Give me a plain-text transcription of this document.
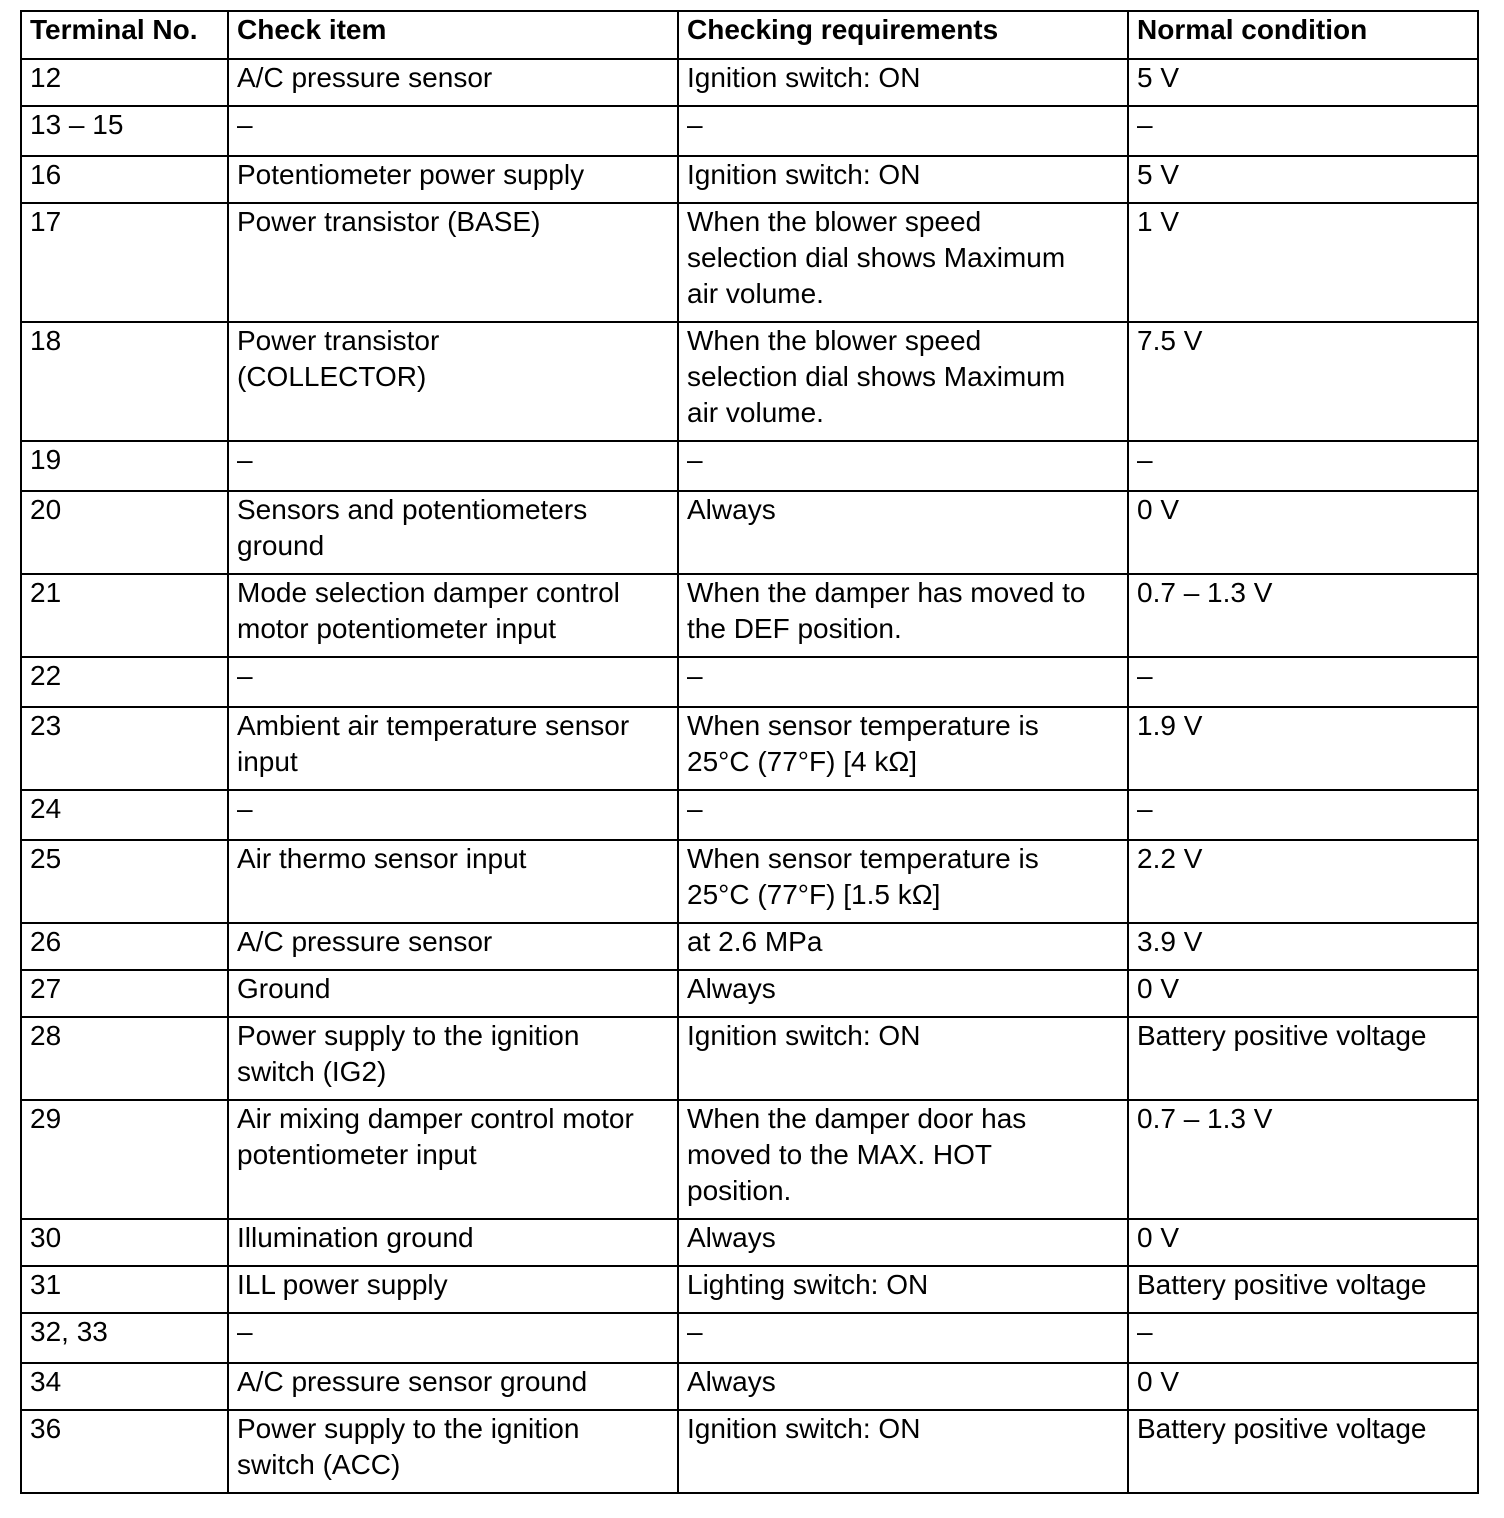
Terminal No.	Check item	Checking requirements	Normal condition
12	A/C pressure sensor	Ignition switch: ON	5 V
13 – 15	–	–	–
16	Potentiometer power supply	Ignition switch: ON	5 V
17	Power transistor (BASE)	When the blower speed
selection dial shows Maximum
air volume.	1 V
18	Power transistor
(COLLECTOR)	When the blower speed
selection dial shows Maximum
air volume.	7.5 V
19	–	–	–
20	Sensors and potentiometers
ground	Always	0 V
21	Mode selection damper control
motor potentiometer input	When the damper has moved to
the DEF position.	0.7 – 1.3 V
22	–	–	–
23	Ambient air temperature sensor
input	When sensor temperature is
25°C (77°F) [4 kΩ]	1.9 V
24	–	–	–
25	Air thermo sensor input	When sensor temperature is
25°C (77°F) [1.5 kΩ]	2.2 V
26	A/C pressure sensor	at 2.6 MPa	3.9 V
27	Ground	Always	0 V
28	Power supply to the ignition
switch (IG2)	Ignition switch: ON	Battery positive voltage
29	Air mixing damper control motor
potentiometer input	When the damper door has
moved to the MAX. HOT
position.	0.7 – 1.3 V
30	Illumination ground	Always	0 V
31	ILL power supply	Lighting switch: ON	Battery positive voltage
32, 33	–	–	–
34	A/C pressure sensor ground	Always	0 V
36	Power supply to the ignition
switch (ACC)	Ignition switch: ON	Battery positive voltage
